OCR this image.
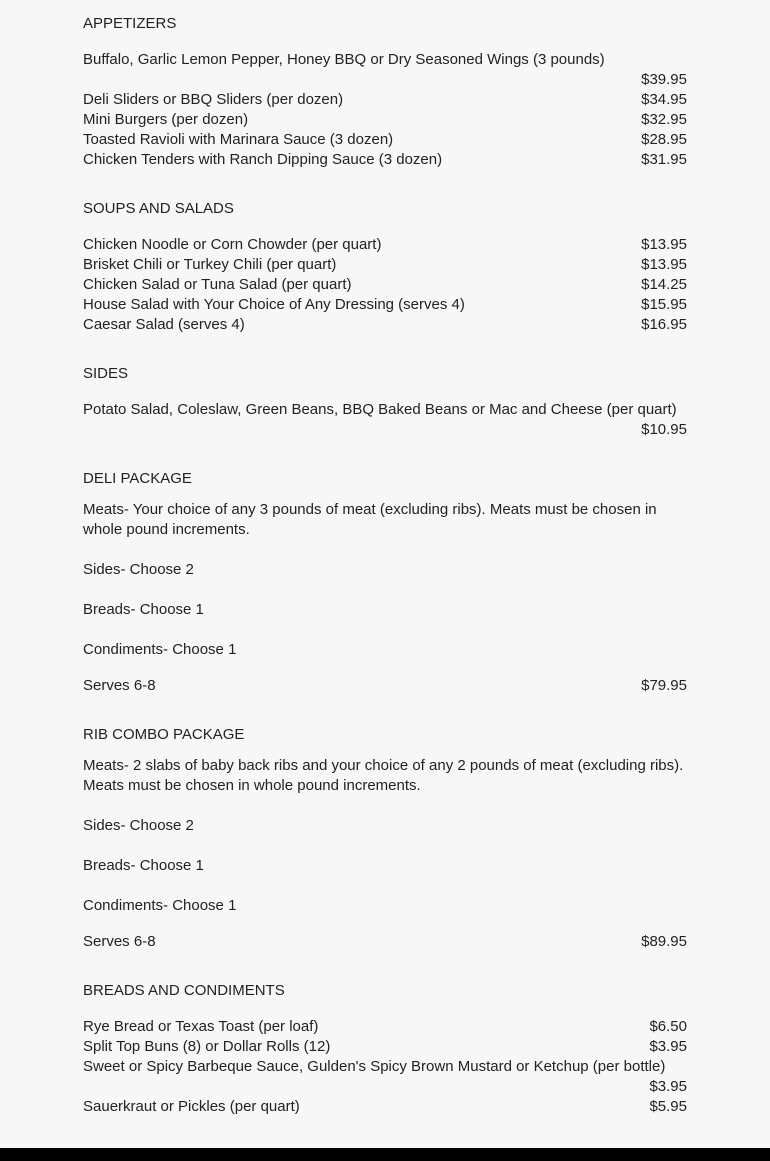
APPETIZERS
Buffalo, Garlic Lemon Pepper, Honey BBQ or Dry Seasoned Wings (3 pounds)
$39.95
Deli Sliders or BBQ Sliders (per dozen)	$34.95
Mini Burgers (per dozen)	$32.95
Toasted Ravioli with Marinara Sauce (3 dozen)	$28.95
Chicken Tenders with Ranch Dipping Sauce (3 dozen)	$31.95
SOUPS AND SALADS
Chicken Noodle or Corn Chowder (per quart)	$13.95
Brisket Chili or Turkey Chili (per quart)	$13.95
Chicken Salad or Tuna Salad (per quart)	$14.25
House Salad with Your Choice of Any Dressing (serves 4)	$15.95
Caesar Salad (serves 4)	$16.95
SIDES
Potato Salad, Coleslaw, Green Beans, BBQ Baked Beans or Mac and Cheese (per quart)
$10.95
DELI PACKAGE

Meats- Your choice of any 3 pounds of meat (excluding ribs). Meats must be chosen in whole pound increments.

Sides- Choose 2

Breads- Choose 1

Condiments- Choose 1

Serves 6-8	$79.95
RIB COMBO PACKAGE

Meats- 2 slabs of baby back ribs and your choice of any 2 pounds of meat (excluding ribs). Meats must be chosen in whole pound increments.

Sides- Choose 2

Breads- Choose 1

Condiments- Choose 1

Serves 6-8	$89.95
BREADS AND CONDIMENTS
Rye Bread or Texas Toast (per loaf)	$6.50
Split Top Buns (8) or Dollar Rolls (12)	$3.95
Sweet or Spicy Barbeque Sauce, Gulden's Spicy Brown Mustard or Ketchup (per bottle)
$3.95
Sauerkraut or Pickles (per quart)	$5.95
